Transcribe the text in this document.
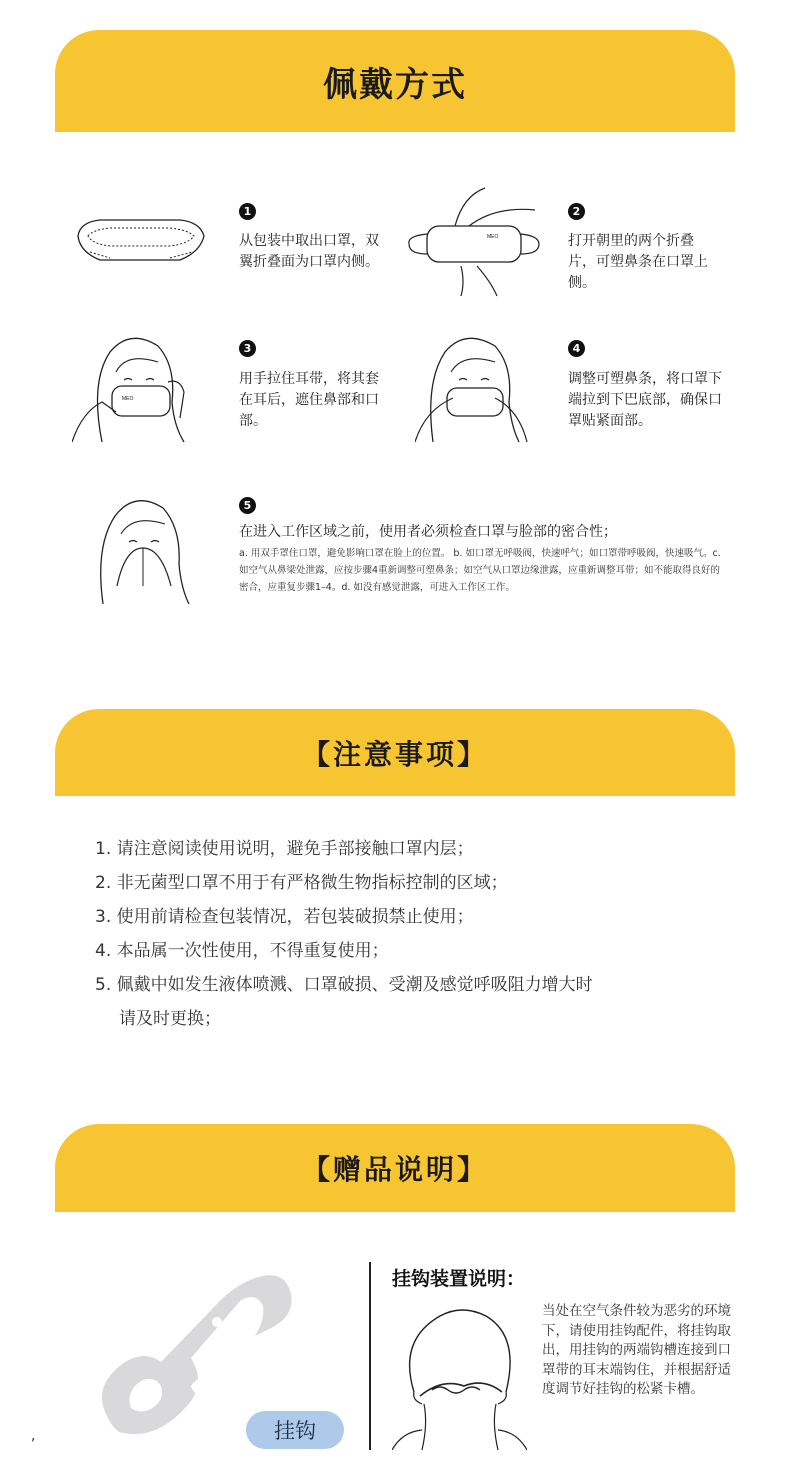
佩戴方式
1
从包装中取出口罩，双翼折叠面为口罩内侧。
MEO
2
打开朝里的两个折叠片，可塑鼻条在口罩上侧。
MEO
3
用手拉住耳带，将其套在耳后，遮住鼻部和口部。
4
调整可塑鼻条，将口罩下端拉到下巴底部，确保口罩贴紧面部。
5
在进入工作区域之前，使用者必须检查口罩与脸部的密合性；
a. 用双手罩住口罩，避免影响口罩在脸上的位置。 b. 如口罩无呼吸阀，快速呼气；如口罩带呼吸阀，快速吸气。c. 如空气从鼻梁处泄露，应按步骤4重新调整可塑鼻条；如空气从口罩边缘泄露，应重新调整耳带；如不能取得良好的密合，应重复步骤1–4。d. 如没有感觉泄露，可进入工作区工作。
【注意事项】
1. 请注意阅读使用说明，避免手部接触口罩内层；
2. 非无菌型口罩不用于有严格微生物指标控制的区域；
3. 使用前请检查包装情况，若包装破损禁止使用；
4. 本品属一次性使用，不得重复使用；
5. 佩戴中如发生液体喷溅、口罩破损、受潮及感觉呼吸阻力增大时
请及时更换；
【赠品说明】
挂钩
,
挂钩装置说明：
当处在空气条件较为恶劣的环境下，请使用挂钩配件，将挂钩取出，用挂钩的两端钩槽连接到口罩带的耳末端钩住，并根据舒适度调节好挂钩的松紧卡槽。
